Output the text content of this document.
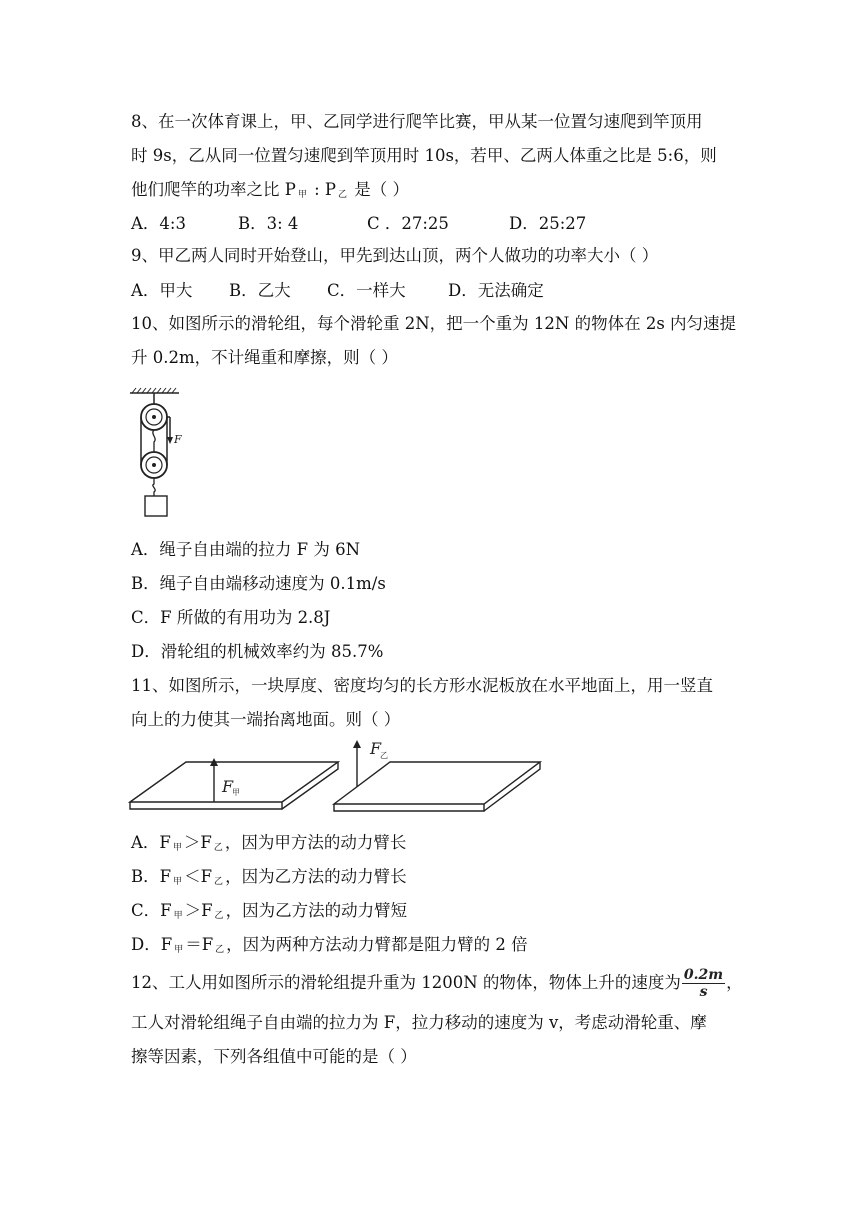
8、在一次体育课上，甲、乙同学进行爬竿比赛，甲从某一位置匀速爬到竿顶用
时 9s，乙从同一位置匀速爬到竿顶用时 10s，若甲、乙两人体重之比是 5:6，则
他们爬竿的功率之比 P $_甲$ : P $_乙$ 是（ ）
A．4:3	B．3: 4	C ．27:25	D．25:27
9、甲乙两人同时开始登山，甲先到达山顶，两个人做功的功率大小（ ）
A．甲大 B．乙大 C．一样大	D．无法确定
10、如图所示的滑轮组，每个滑轮重 2N，把一个重为 12N 的物体在 2s 内匀速提
升 0.2m，不计绳重和摩擦，则（ ）
F
A．绳子自由端的拉力 F 为 6N
B．绳子自由端移动速度为 0.1m/s
C．F 所做的有用功为 2.8J
D．滑轮组的机械效率约为 85.7%
11、如图所示，一块厚度、密度均匀的长方形水泥板放在水平地面上，用一竖直
向上的力使其一端抬离地面。则（ ）
F
甲
F
乙
A．F $_甲$ ＞F $_乙$ ，因为甲方法的动力臂长
B．F $_甲$ ＜F $_乙$ ，因为乙方法的动力臂长
C．F $_甲$ ＞F $_乙$ ，因为乙方法的动力臂短
D．F $_甲$ ＝F $_乙$ ，因为两种方法动力臂都是阻力臂的 2 倍
12、工人用如图所示的滑轮组提升重为 1200N 的物体，物体上升的速度为 $\frac{0.2m}{s}$ ，
工人对滑轮组绳子自由端的拉力为 F，拉力移动的速度为 v，考虑动滑轮重、摩
擦等因素，下列各组值中可能的是（ ）
